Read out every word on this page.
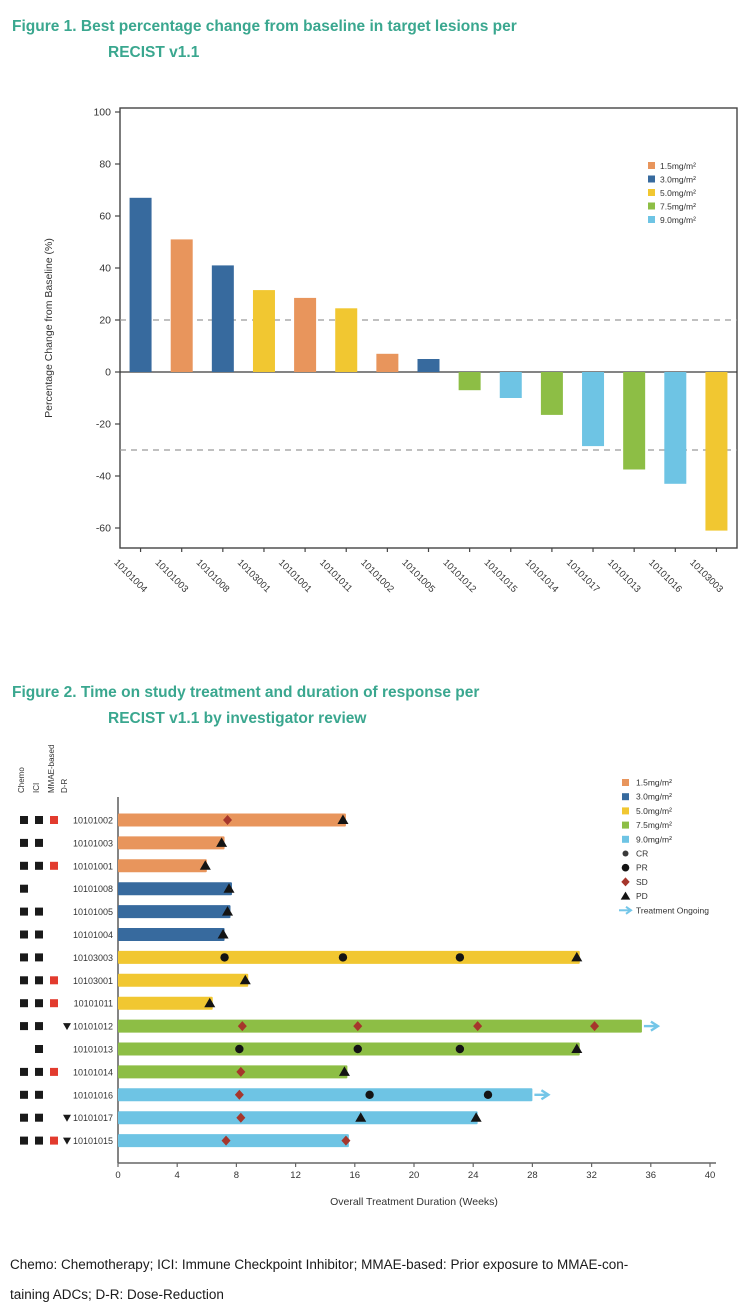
Figure 1. Best percentage change from baseline in target lesions per
RECIST v1.1
100
80
60
40
20
0
-20
-40
-60
10101004 10101003 10101008 10103001 10101001 10101011 10101002 10101005 10101012 10101015 10101014 10101017 10101013 10101016 10103003
Percentage Change from Baseline (%)
1.5mg/m²
3.0mg/m²
5.0mg/m²
7.5mg/m²
9.0mg/m²
Figure 2. Time on study treatment and duration of response per
RECIST v1.1 by investigator review
Chemo ICI MMAE-based D-R
0	4	8	12	16	20	24	28	32	36	40
Overall Treatment Duration (Weeks)
10101002
10101003
10101001
10101008
10101005
10101004
10103003
10103001
10101011
10101012
10101013
10101014
10101016
10101017
10101015
1.5mg/m²
3.0mg/m²
5.0mg/m²
7.5mg/m²
9.0mg/m²
CR
PR
SD
PD
Treatment Ongoing
Chemo: Chemotherapy; ICI: Immune Checkpoint Inhibitor; MMAE-based: Prior exposure to MMAE-con-
taining ADCs; D-R: Dose-Reduction
